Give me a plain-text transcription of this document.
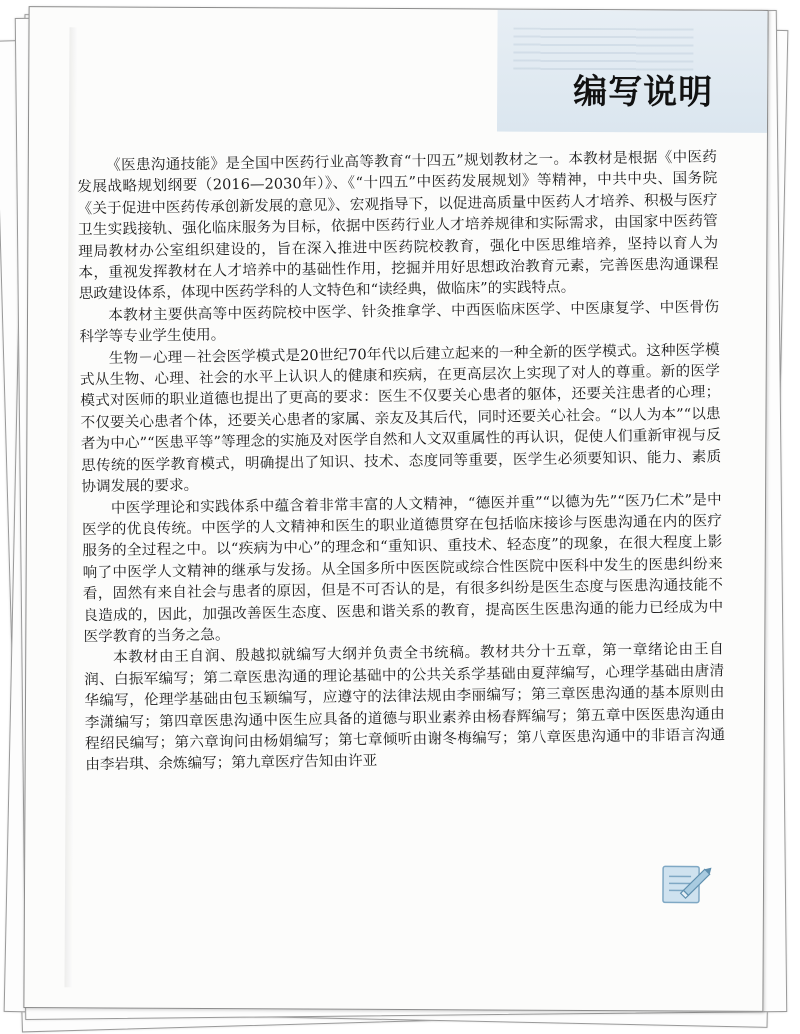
编写说明

《医患沟通技能》是全国中医药行业高等教育“十四五”规划教材之一。本教材是根据《中医药发展战略规划纲要（2016—2030年）》、《“十四五”中医药发展规划》等精神，中共中央、国务院《关于促进中医药传承创新发展的意见》、宏观指导下，以促进高质量中医药人才培养、积极与医疗卫生实践接轨、强化临床服务为目标，依据中医药行业人才培养规律和实际需求，由国家中医药管理局教材办公室组织建设的，旨在深入推进中医药院校教育，强化中医思维培养，坚持以育人为本，重视发挥教材在人才培养中的基础性作用，挖掘并用好思想政治教育元素，完善医患沟通课程思政建设体系，体现中医药学科的人文特色和“读经典，做临床”的实践特点。

本教材主要供高等中医药院校中医学、针灸推拿学、中西医临床医学、中医康复学、中医骨伤科学等专业学生使用。

生物－心理－社会医学模式是20世纪70年代以后建立起来的一种全新的医学模式。这种医学模式从生物、心理、社会的水平上认识人的健康和疾病，在更高层次上实现了对人的尊重。新的医学模式对医师的职业道德也提出了更高的要求：医生不仅要关心患者的躯体，还要关注患者的心理；不仅要关心患者个体，还要关心患者的家属、亲友及其后代，同时还要关心社会。“以人为本”“以患者为中心”“医患平等”等理念的实施及对医学自然和人文双重属性的再认识，促使人们重新审视与反思传统的医学教育模式，明确提出了知识、技术、态度同等重要，医学生必须要知识、能力、素质协调发展的要求。

中医学理论和实践体系中蕴含着非常丰富的人文精神，“德医并重”“以德为先”“医乃仁术”是中医学的优良传统。中医学的人文精神和医生的职业道德贯穿在包括临床接诊与医患沟通在内的医疗服务的全过程之中。以“疾病为中心”的理念和“重知识、重技术、轻态度”的现象，在很大程度上影响了中医学人文精神的继承与发扬。从全国多所中医医院或综合性医院中医科中发生的医患纠纷来看，固然有来自社会与患者的原因，但是不可否认的是，有很多纠纷是医生态度与医患沟通技能不良造成的，因此，加强改善医生态度、医患和谐关系的教育，提高医生医患沟通的能力已经成为中医学教育的当务之急。

本教材由王自润、殷越拟就编写大纲并负责全书统稿。教材共分十五章，第一章绪论由王自润、白振军编写；第二章医患沟通的理论基础中的公共关系学基础由夏萍编写，心理学基础由唐清华编写，伦理学基础由包玉颖编写，应遵守的法律法规由李丽编写；第三章医患沟通的基本原则由李潇编写；第四章医患沟通中医生应具备的道德与职业素养由杨春辉编写；第五章中医医患沟通由程绍民编写；第六章询问由杨娟编写；第七章倾听由谢冬梅编写；第八章医患沟通中的非语言沟通由李岩琪、余炼编写；第九章医疗告知由许亚
